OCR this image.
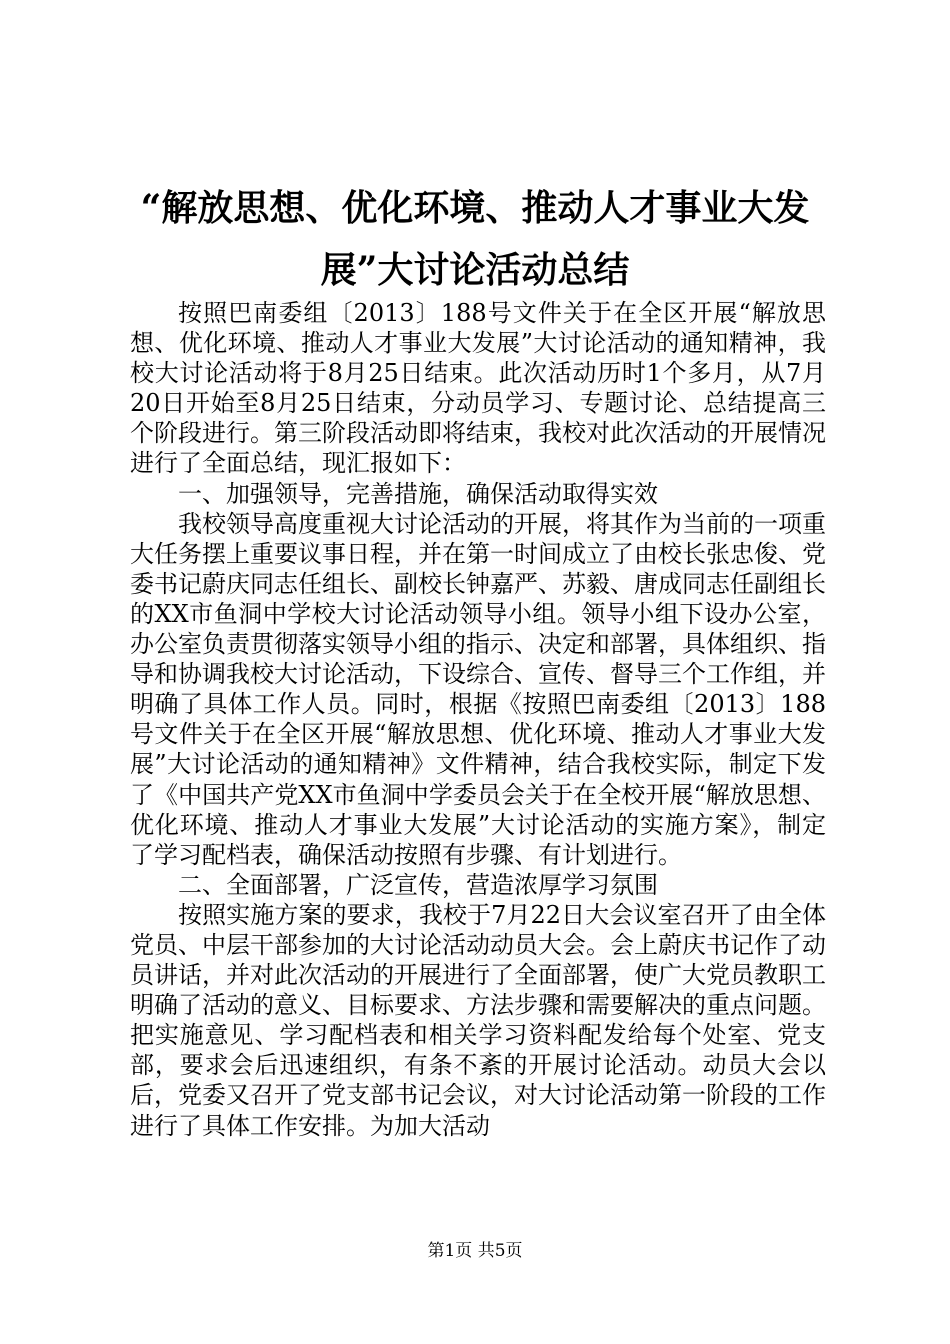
“解放思想、优化环境、推动人才事业大发
展”大讨论活动总结

按照巴南委组〔2013〕188号文件关于在全区开展“解放思想、优化环境、推动人才事业大发展”大讨论活动的通知精神，我校大讨论活动将于8月25日结束。此次活动历时1个多月，从7月20日开始至8月25日结束，分动员学习、专题讨论、总结提高三个阶段进行。第三阶段活动即将结束，我校对此次活动的开展情况进行了全面总结，现汇报如下：

一、加强领导，完善措施，确保活动取得实效

我校领导高度重视大讨论活动的开展，将其作为当前的一项重大任务摆上重要议事日程，并在第一时间成立了由校长张忠俊、党委书记蔚庆同志任组长、副校长钟嘉严、苏毅、唐成同志任副组长的XX市鱼洞中学校大讨论活动领导小组。领导小组下设办公室，办公室负责贯彻落实领导小组的指示、决定和部署，具体组织、指导和协调我校大讨论活动，下设综合、宣传、督导三个工作组，并明确了具体工作人员。同时，根据《按照巴南委组〔2013〕188号文件关于在全区开展“解放思想、优化环境、推动人才事业大发展”大讨论活动的通知精神》文件精神，结合我校实际，制定下发了《中国共产党XX市鱼洞中学委员会关于在全校开展“解放思想、优化环境、推动人才事业大发展”大讨论活动的实施方案》，制定了学习配档表，确保活动按照有步骤、有计划进行。

二、全面部署，广泛宣传，营造浓厚学习氛围

按照实施方案的要求，我校于7月22日大会议室召开了由全体党员、中层干部参加的大讨论活动动员大会。会上蔚庆书记作了动员讲话，并对此次活动的开展进行了全面部署，使广大党员教职工明确了活动的意义、目标要求、方法步骤和需要解决的重点问题。把实施意见、学习配档表和相关学习资料配发给每个处室、党支部，要求会后迅速组织，有条不紊的开展讨论活动。动员大会以后，党委又召开了党支部书记会议，对大讨论活动第一阶段的工作进行了具体工作安排。为加大活动

第1页 共5页
